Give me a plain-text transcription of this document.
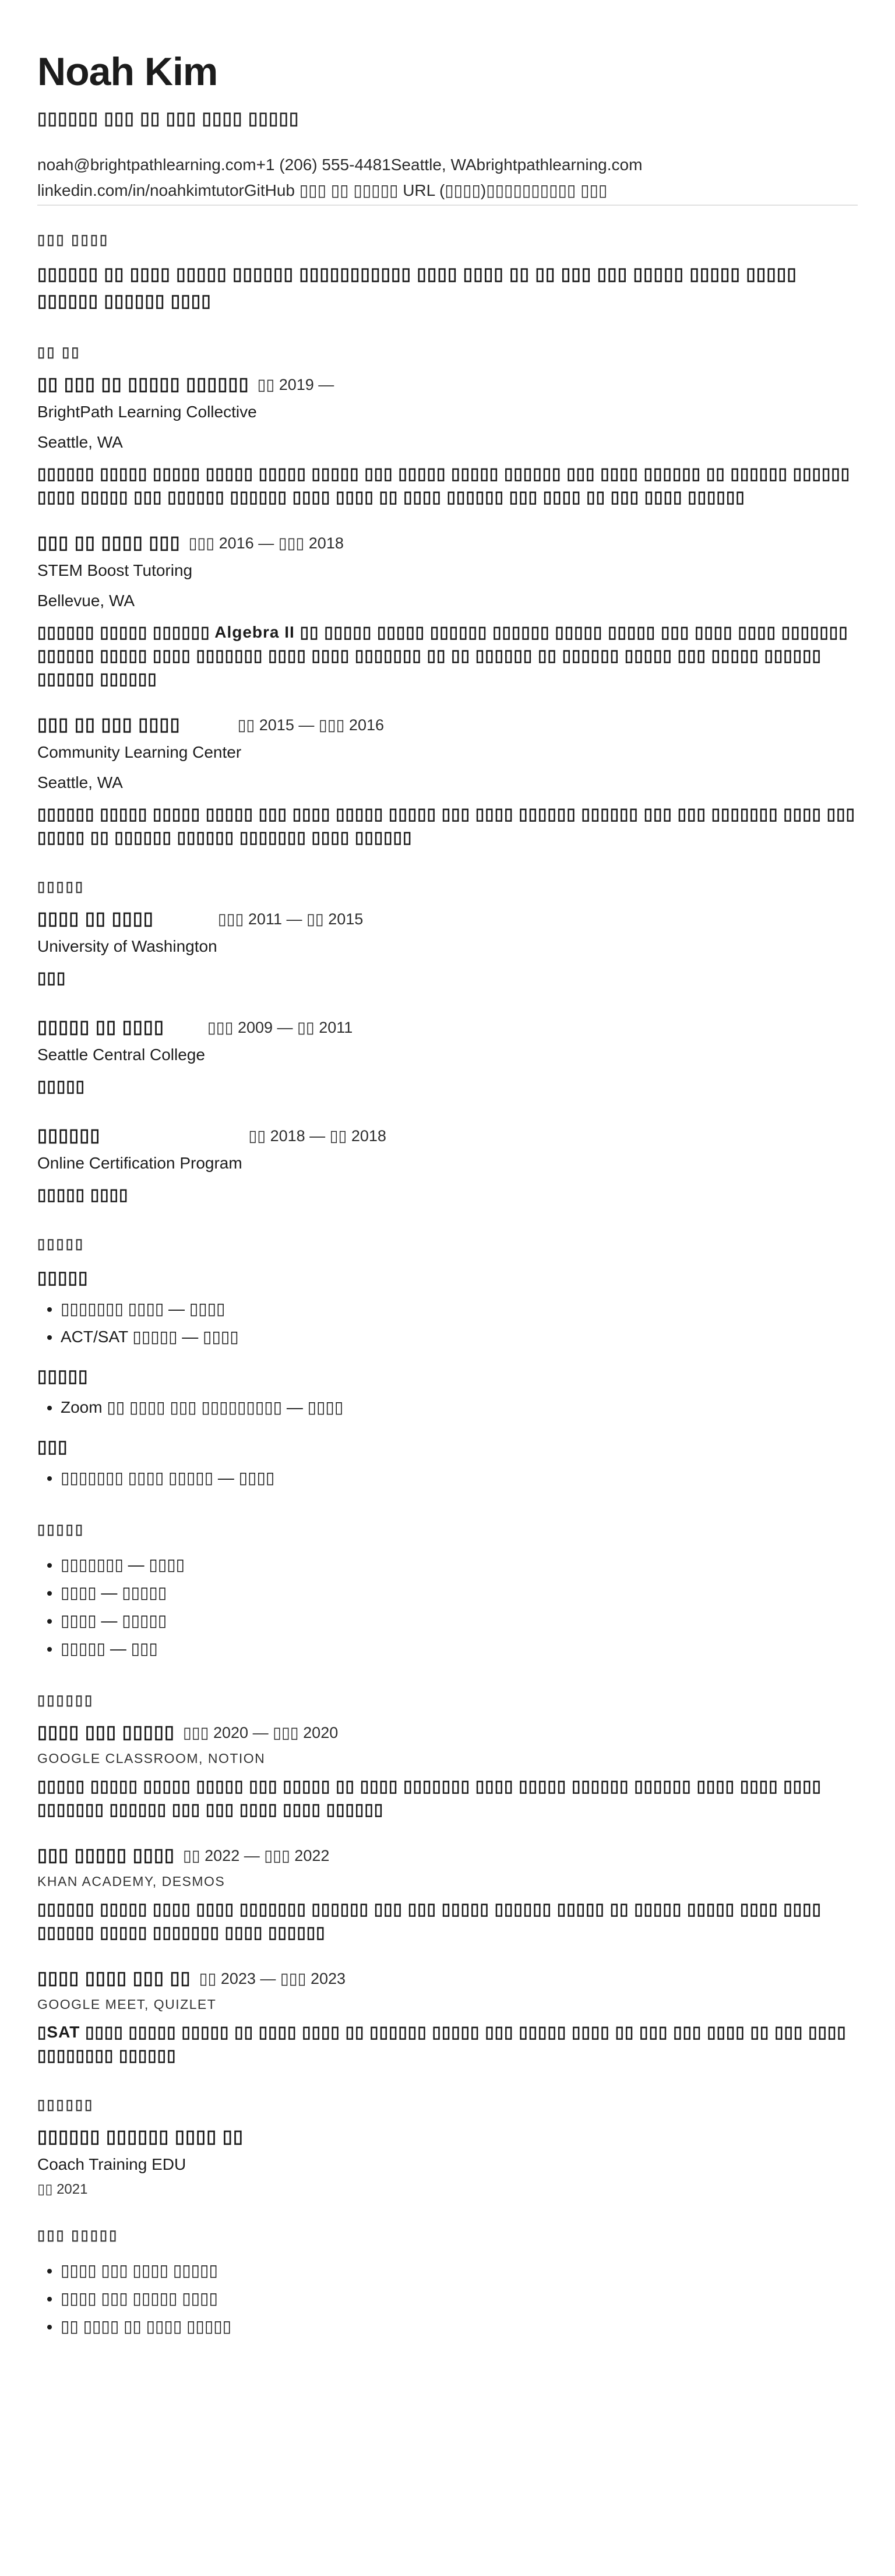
Noah Kim
▯▯▯▯▯▯ ▯▯▯ ▯▯ ▯▯▯ ▯▯▯▯ ▯▯▯▯▯
noah@brightpathlearning.com +1 (206) 555-4481 Seattle, WA brightpathlearning.com
linkedin.com/in/noahkimtutor GitHub ▯▯▯ ▯▯ ▯▯▯▯▯ URL (▯▯▯▯)▯▯▯▯▯▯▯▯▯▯ ▯▯▯
▯▯▯ ▯▯▯▯
▯▯▯▯▯▯ ▯▯ ▯▯▯▯ ▯▯▯▯▯ ▯▯▯▯▯▯ ▯▯▯▯▯▯▯▯▯▯▯ ▯▯▯▯ ▯▯▯▯ ▯▯ ▯▯ ▯▯▯ ▯▯▯ ▯▯▯▯▯ ▯▯▯▯▯ ▯▯▯▯▯ ▯▯▯▯▯▯ ▯▯▯▯▯▯ ▯▯▯▯
▯▯ ▯▯
▯▯ ▯▯▯ ▯▯ ▯▯▯▯▯ ▯▯▯▯▯▯ ▯▯ 2019 —
BrightPath Learning Collective
Seattle, WA
▯▯▯▯▯▯ ▯▯▯▯▯ ▯▯▯▯▯ ▯▯▯▯▯ ▯▯▯▯▯ ▯▯▯▯▯ ▯▯▯ ▯▯▯▯▯ ▯▯▯▯▯ ▯▯▯▯▯▯ ▯▯▯ ▯▯▯▯ ▯▯▯▯▯▯ ▯▯ ▯▯▯▯▯▯ ▯▯▯▯▯▯ ▯▯▯▯ ▯▯▯▯▯ ▯▯▯ ▯▯▯▯▯▯ ▯▯▯▯▯▯ ▯▯▯▯ ▯▯▯▯ ▯▯ ▯▯▯▯ ▯▯▯▯▯▯ ▯▯▯ ▯▯▯▯ ▯▯ ▯▯▯ ▯▯▯▯ ▯▯▯▯▯▯
▯▯▯ ▯▯ ▯▯▯▯ ▯▯▯ ▯▯▯ 2016 — ▯▯▯ 2018
STEM Boost Tutoring
Bellevue, WA
▯▯▯▯▯▯ ▯▯▯▯▯ ▯▯▯▯▯▯ Algebra II ▯▯ ▯▯▯▯▯ ▯▯▯▯▯ ▯▯▯▯▯▯ ▯▯▯▯▯▯ ▯▯▯▯▯ ▯▯▯▯▯ ▯▯▯ ▯▯▯▯ ▯▯▯▯ ▯▯▯▯▯▯▯ ▯▯▯▯▯▯ ▯▯▯▯▯ ▯▯▯▯ ▯▯▯▯▯▯▯ ▯▯▯▯ ▯▯▯▯ ▯▯▯▯▯▯▯ ▯▯ ▯▯ ▯▯▯▯▯▯ ▯▯ ▯▯▯▯▯▯ ▯▯▯▯▯ ▯▯▯ ▯▯▯▯▯ ▯▯▯▯▯▯ ▯▯▯▯▯▯ ▯▯▯▯▯▯
▯▯▯ ▯▯ ▯▯▯ ▯▯▯▯	▯▯ 2015 — ▯▯▯ 2016
Community Learning Center
Seattle, WA
▯▯▯▯▯▯ ▯▯▯▯▯ ▯▯▯▯▯ ▯▯▯▯▯ ▯▯▯ ▯▯▯▯ ▯▯▯▯▯ ▯▯▯▯▯ ▯▯▯ ▯▯▯▯ ▯▯▯▯▯▯ ▯▯▯▯▯▯ ▯▯▯ ▯▯▯ ▯▯▯▯▯▯▯ ▯▯▯▯ ▯▯▯ ▯▯▯▯▯ ▯▯ ▯▯▯▯▯▯ ▯▯▯▯▯▯ ▯▯▯▯▯▯▯ ▯▯▯▯ ▯▯▯▯▯▯
▯▯▯▯▯
▯▯▯▯ ▯▯ ▯▯▯▯	▯▯▯ 2011 — ▯▯ 2015
University of Washington
▯▯▯
▯▯▯▯▯ ▯▯ ▯▯▯▯	▯▯▯ 2009 — ▯▯ 2011
Seattle Central College
▯▯▯▯▯
▯▯▯▯▯▯	▯▯ 2018 — ▯▯ 2018
Online Certification Program
▯▯▯▯▯ ▯▯▯▯
▯▯▯▯▯
▯▯▯▯▯
• ▯▯▯▯▯▯▯ ▯▯▯▯ — ▯▯▯▯
• ACT/SAT ▯▯▯▯▯ — ▯▯▯▯
▯▯▯▯▯
• Zoom ▯▯ ▯▯▯▯ ▯▯▯ ▯▯▯▯▯▯▯▯▯ — ▯▯▯▯
▯▯▯
• ▯▯▯▯▯▯▯ ▯▯▯▯ ▯▯▯▯▯ — ▯▯▯▯
▯▯▯▯▯
• ▯▯▯▯▯▯▯ — ▯▯▯▯
• ▯▯▯▯ — ▯▯▯▯▯
• ▯▯▯▯ — ▯▯▯▯▯
• ▯▯▯▯▯ — ▯▯▯
▯▯▯▯▯▯
▯▯▯▯ ▯▯▯ ▯▯▯▯▯ ▯▯▯ 2020 — ▯▯▯ 2020
GOOGLE CLASSROOM, NOTION
▯▯▯▯▯ ▯▯▯▯▯ ▯▯▯▯▯ ▯▯▯▯▯ ▯▯▯ ▯▯▯▯▯ ▯▯ ▯▯▯▯ ▯▯▯▯▯▯▯ ▯▯▯▯ ▯▯▯▯▯ ▯▯▯▯▯▯ ▯▯▯▯▯▯ ▯▯▯▯ ▯▯▯▯ ▯▯▯▯ ▯▯▯▯▯▯▯ ▯▯▯▯▯▯ ▯▯▯ ▯▯▯ ▯▯▯▯ ▯▯▯▯ ▯▯▯▯▯▯
▯▯▯ ▯▯▯▯▯ ▯▯▯▯ ▯▯ 2022 — ▯▯▯ 2022
KHAN ACADEMY, DESMOS
▯▯▯▯▯▯ ▯▯▯▯▯ ▯▯▯▯ ▯▯▯▯ ▯▯▯▯▯▯▯ ▯▯▯▯▯▯ ▯▯▯ ▯▯▯ ▯▯▯▯▯ ▯▯▯▯▯▯ ▯▯▯▯▯ ▯▯ ▯▯▯▯▯ ▯▯▯▯▯ ▯▯▯▯ ▯▯▯▯ ▯▯▯▯▯▯ ▯▯▯▯▯ ▯▯▯▯▯▯▯ ▯▯▯▯ ▯▯▯▯▯▯
▯▯▯▯ ▯▯▯▯ ▯▯▯ ▯▯ ▯▯ 2023 — ▯▯▯ 2023
GOOGLE MEET, QUIZLET
▯SAT ▯▯▯▯ ▯▯▯▯▯ ▯▯▯▯▯ ▯▯ ▯▯▯▯ ▯▯▯▯ ▯▯ ▯▯▯▯▯▯ ▯▯▯▯▯ ▯▯▯ ▯▯▯▯▯ ▯▯▯▯ ▯▯ ▯▯▯ ▯▯▯ ▯▯▯▯ ▯▯ ▯▯▯ ▯▯▯▯ ▯▯▯▯▯▯▯▯ ▯▯▯▯▯▯
▯▯▯▯▯▯
▯▯▯▯▯▯ ▯▯▯▯▯▯ ▯▯▯▯ ▯▯
Coach Training EDU
▯▯ 2021
▯▯▯ ▯▯▯▯▯
• ▯▯▯▯ ▯▯▯ ▯▯▯▯ ▯▯▯▯▯
• ▯▯▯▯ ▯▯▯ ▯▯▯▯▯ ▯▯▯▯
• ▯▯ ▯▯▯▯ ▯▯ ▯▯▯▯ ▯▯▯▯▯
